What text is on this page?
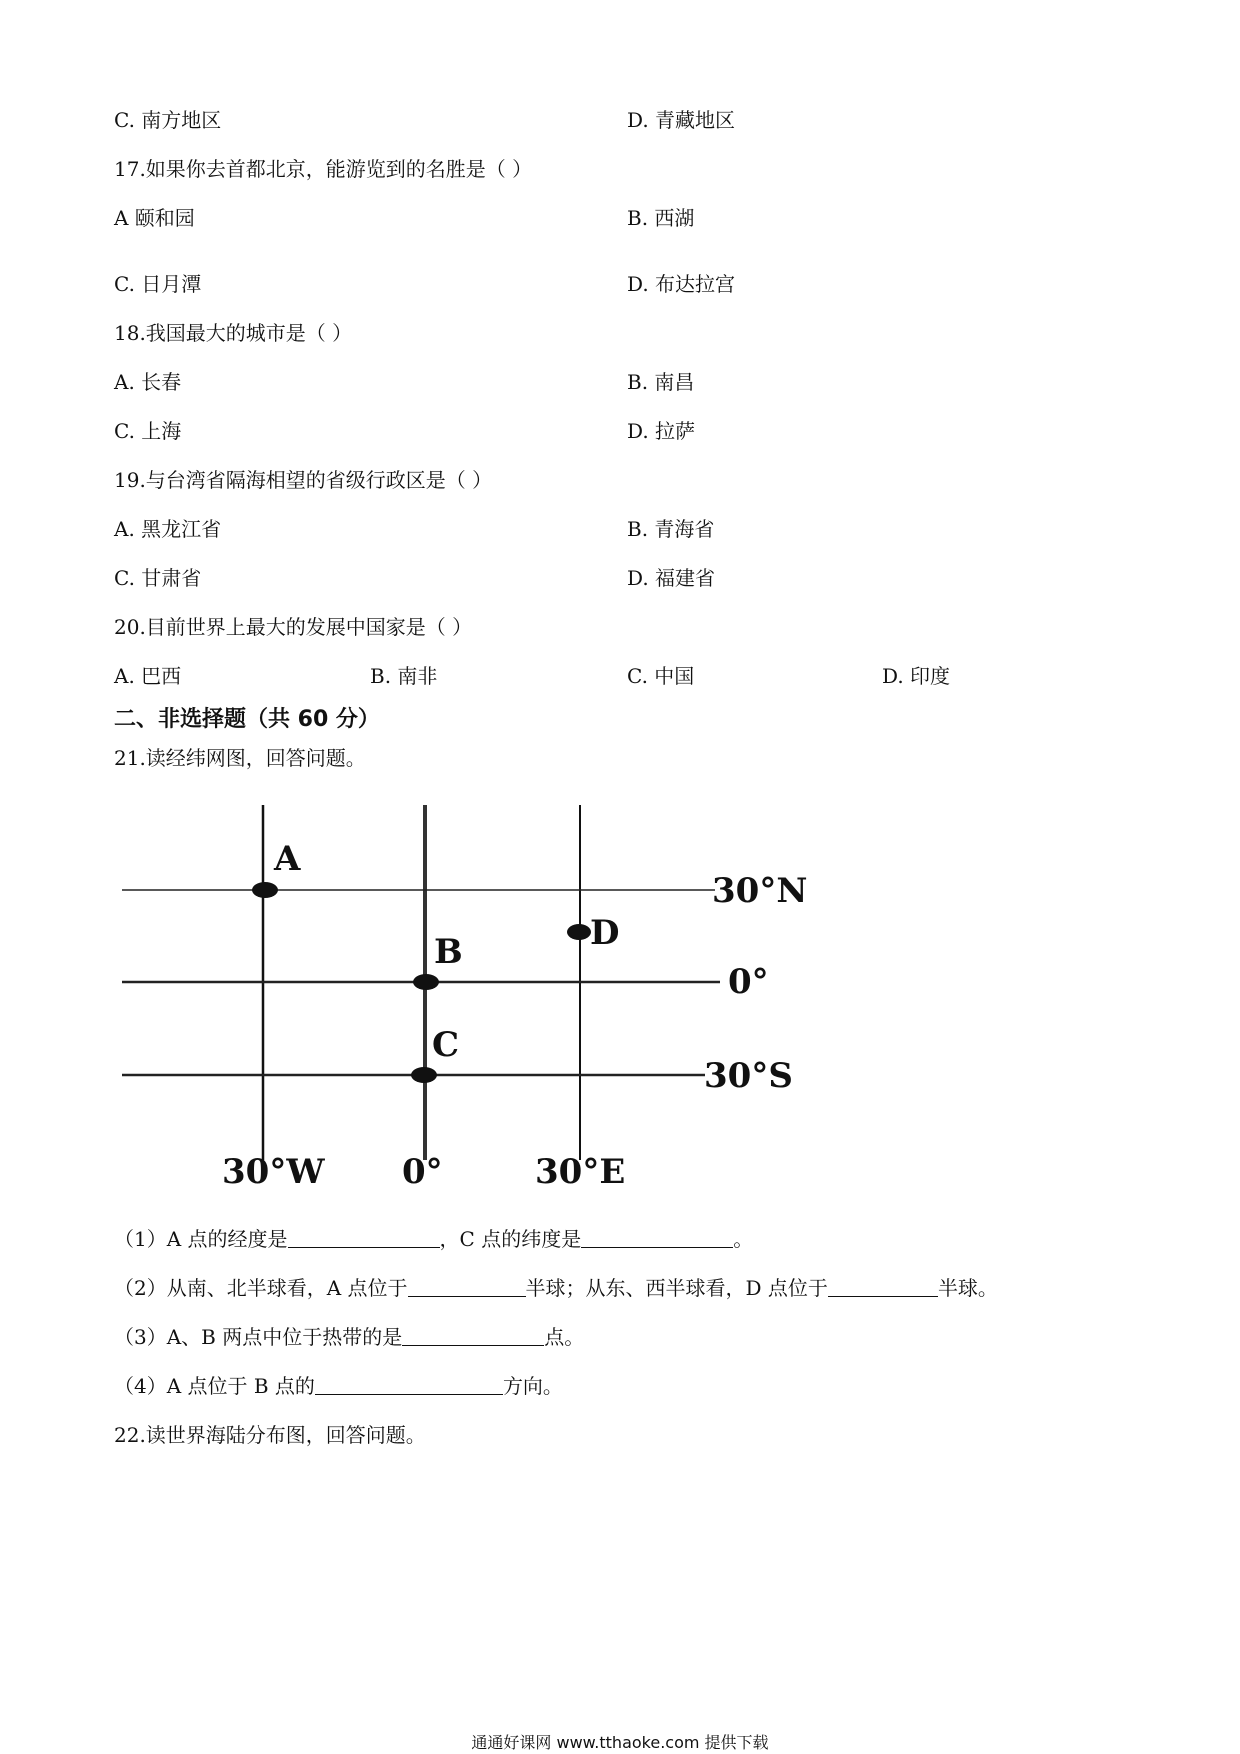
C. 南方地区	D. 青藏地区
17.如果你去首都北京，能游览到的名胜是（ ）
A 颐和园	B. 西湖
C. 日月潭	D. 布达拉宫
18.我国最大的城市是（ ）
A. 长春	B. 南昌
C. 上海	D. 拉萨
19.与台湾省隔海相望的省级行政区是（ ）
A. 黑龙江省	B. 青海省
C. 甘肃省	D. 福建省
20.目前世界上最大的发展中国家是（ ）
A. 巴西	B. 南非	C. 中国	D. 印度
二、非选择题（共 60 分）
21.读经纬网图，回答问题。
30°N
0°
30°S
30°W 0°	30°E
A
B
C
D
（1）A 点的经度是	，C 点的纬度是	。
（2）从南、北半球看，A 点位于	半球；从东、西半球看，D 点位于	半球。
（3）A、B 两点中位于热带的是	点。
（4）A 点位于 B 点的	方向。
22.读世界海陆分布图，回答问题。
通通好课网 www.tthaoke.com 提供下载
